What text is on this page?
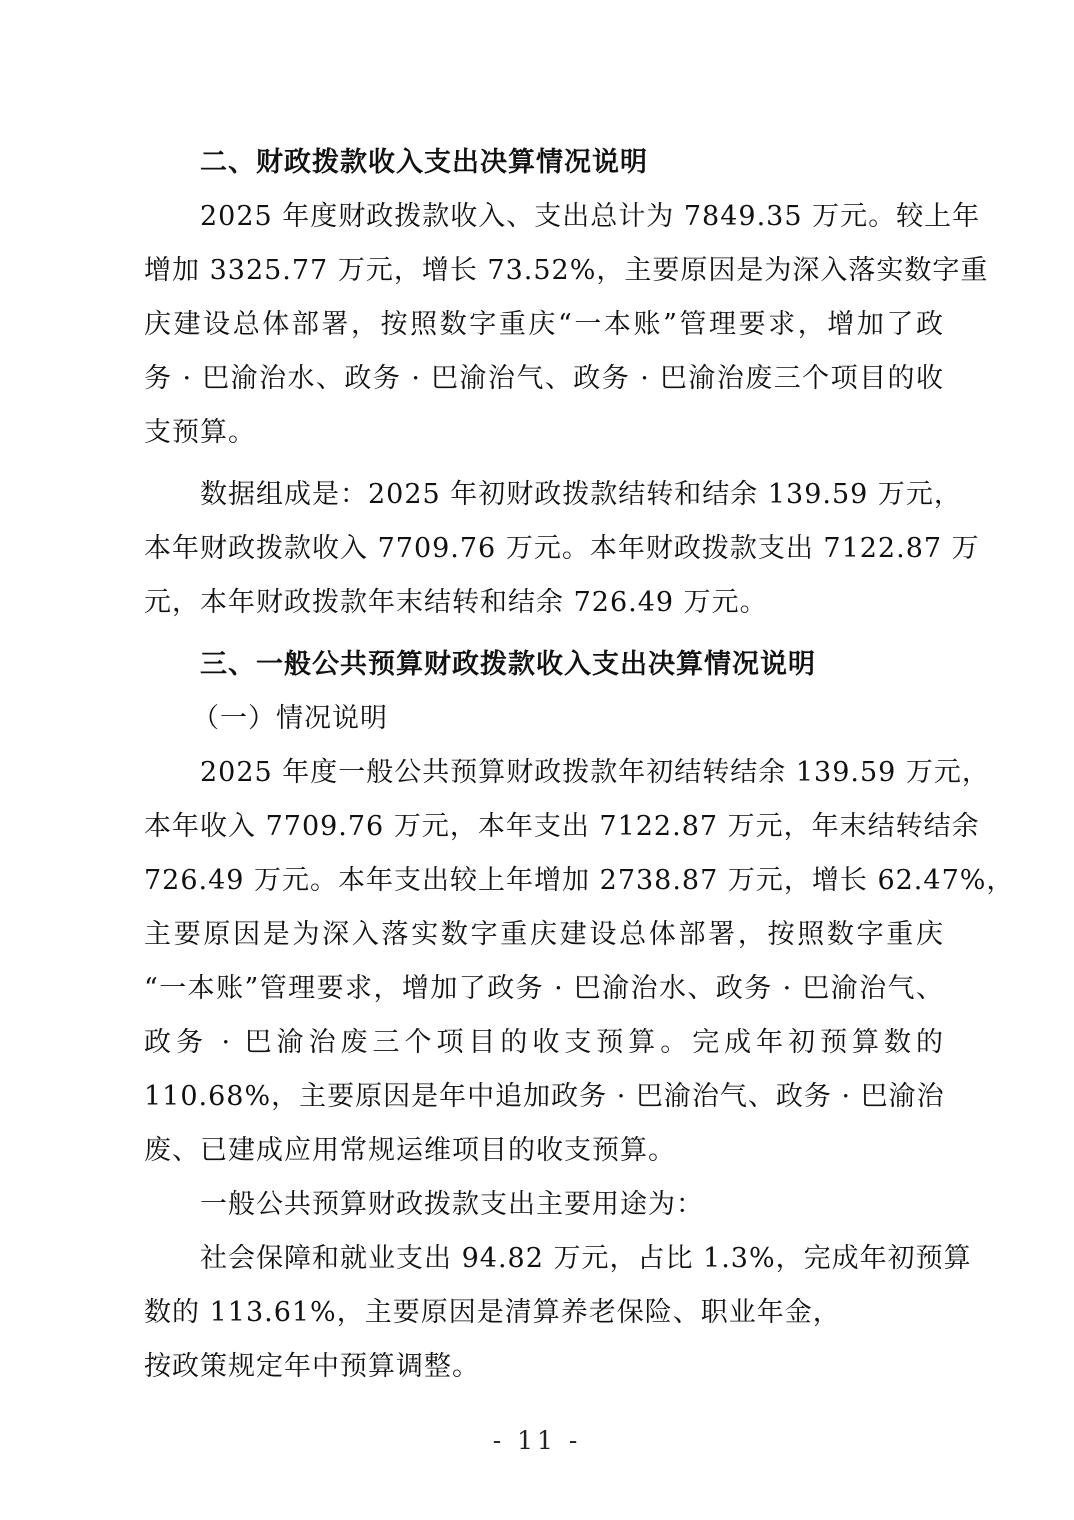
二、财政拨款收入支出决算情况说明
2025 年度财政拨款收入、支出总计为 7849.35 万元。较上年
增加 3325.77 万元，增长 73.52%，主要原因是为深入落实数字重
庆建设总体部署，按照数字重庆“一本账”管理要求，增加了政
务 · 巴渝治水、政务 · 巴渝治气、政务 · 巴渝治废三个项目的收
支预算。
数据组成是：2025 年初财政拨款结转和结余 139.59 万元，
本年财政拨款收入 7709.76 万元。本年财政拨款支出 7122.87 万
元，本年财政拨款年末结转和结余 726.49 万元。
三、一般公共预算财政拨款收入支出决算情况说明
（一）情况说明
2025 年度一般公共预算财政拨款年初结转结余 139.59 万元，
本年收入 7709.76 万元，本年支出 7122.87 万元，年末结转结余
726.49 万元。本年支出较上年增加 2738.87 万元，增长 62.47%，
主要原因是为深入落实数字重庆建设总体部署，按照数字重庆
“一本账”管理要求，增加了政务 · 巴渝治水、政务 · 巴渝治气、
政务 · 巴渝治废三个项目的收支预算。完成年初预算数的
110.68%，主要原因是年中追加政务 · 巴渝治气、政务 · 巴渝治
废、已建成应用常规运维项目的收支预算。
一般公共预算财政拨款支出主要用途为：
社会保障和就业支出 94.82 万元，占比 1.3%，完成年初预算
数的 113.61%，主要原因是清算养老保险、职业年金，
按政策规定年中预算调整。
- 11 -
